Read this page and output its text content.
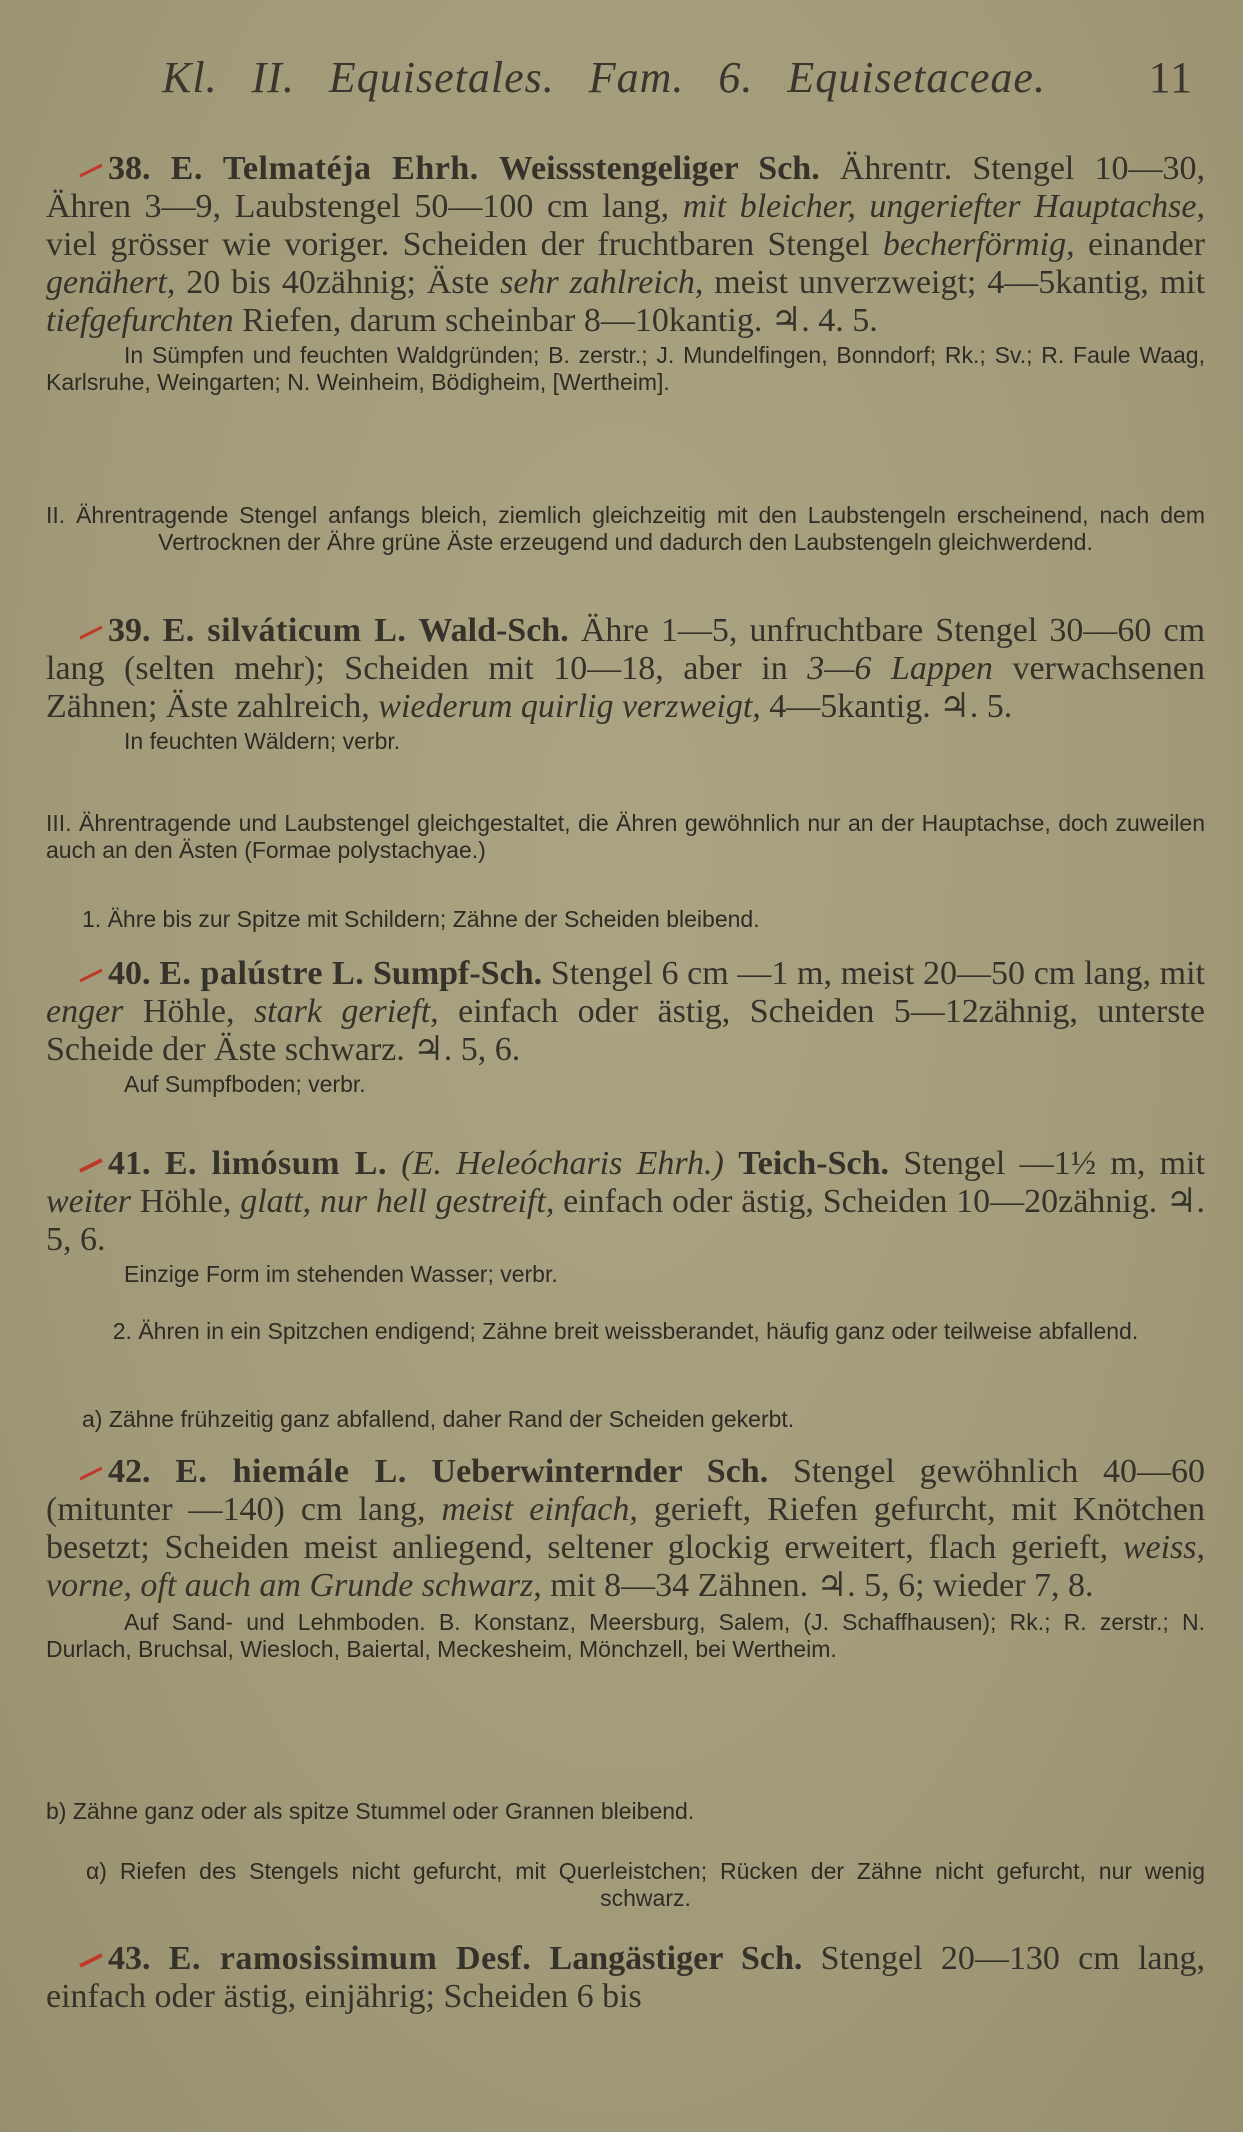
Kl. II. Equisetales. Fam. 6. Equisetaceae. 11
38. E. Telmatéja Ehrh. Weissstengeliger Sch. Ährentr. Stengel 10—30, Ähren 3—9, Laubstengel 50—100 cm lang, mit bleicher, ungeriefter Hauptachse, viel grösser wie voriger. Scheiden der fruchtbaren Stengel becherförmig, einander genähert, 20 bis 40zähnig; Äste sehr zahlreich, meist unverzweigt; 4—5kantig, mit tiefgefurchten Riefen, darum scheinbar 8—10kantig. ♃. 4. 5.
In Sümpfen und feuchten Waldgründen; B. zerstr.; J. Mundelfingen, Bonndorf; Rk.; Sv.; R. Faule Waag, Karlsruhe, Weingarten; N. Weinheim, Bödigheim, [Wertheim].
II. Ährentragende Stengel anfangs bleich, ziemlich gleichzeitig mit den Laubstengeln erscheinend, nach dem Vertrocknen der Ähre grüne Äste erzeugend und dadurch den Laubstengeln gleichwerdend.
39. E. silváticum L. Wald-Sch. Ähre 1—5, unfruchtbare Stengel 30—60 cm lang (selten mehr); Scheiden mit 10—18, aber in 3—6 Lappen verwachsenen Zähnen; Äste zahlreich, wiederum quirlig verzweigt, 4—5kantig. ♃. 5.
In feuchten Wäldern; verbr.
III. Ährentragende und Laubstengel gleichgestaltet, die Ähren gewöhnlich nur an der Hauptachse, doch zuweilen auch an den Ästen (Formae polystachyae.)
1. Ähre bis zur Spitze mit Schildern; Zähne der Scheiden bleibend.
40. E. palústre L. Sumpf-Sch. Stengel 6 cm —1 m, meist 20—50 cm lang, mit enger Höhle, stark gerieft, einfach oder ästig, Scheiden 5—12zähnig, unterste Scheide der Äste schwarz. ♃. 5, 6.
Auf Sumpfboden; verbr.
41. E. limósum L. (E. Heleócharis Ehrh.) Teich-Sch. Stengel —1½ m, mit weiter Höhle, glatt, nur hell gestreift, einfach oder ästig, Scheiden 10—20zähnig. ♃. 5, 6.
Einzige Form im stehenden Wasser; verbr.
2. Ähren in ein Spitzchen endigend; Zähne breit weissberandet, häufig ganz oder teilweise abfallend.
a) Zähne frühzeitig ganz abfallend, daher Rand der Scheiden gekerbt.
42. E. hiemále L. Ueberwinternder Sch. Stengel gewöhnlich 40—60 (mitunter —140) cm lang, meist einfach, gerieft, Riefen gefurcht, mit Knötchen besetzt; Scheiden meist anliegend, seltener glockig erweitert, flach gerieft, weiss, vorne, oft auch am Grunde schwarz, mit 8—34 Zähnen. ♃. 5, 6; wieder 7, 8.
Auf Sand- und Lehmboden. B. Konstanz, Meersburg, Salem, (J. Schaffhausen); Rk.; R. zerstr.; N. Durlach, Bruchsal, Wiesloch, Baiertal, Meckesheim, Mönchzell, bei Wertheim.
b) Zähne ganz oder als spitze Stummel oder Grannen bleibend.
α) Riefen des Stengels nicht gefurcht, mit Querleistchen; Rücken der Zähne nicht gefurcht, nur wenig schwarz.
43. E. ramosissimum Desf. Langästiger Sch. Stengel 20—130 cm lang, einfach oder ästig, einjährig; Scheiden 6 bis
